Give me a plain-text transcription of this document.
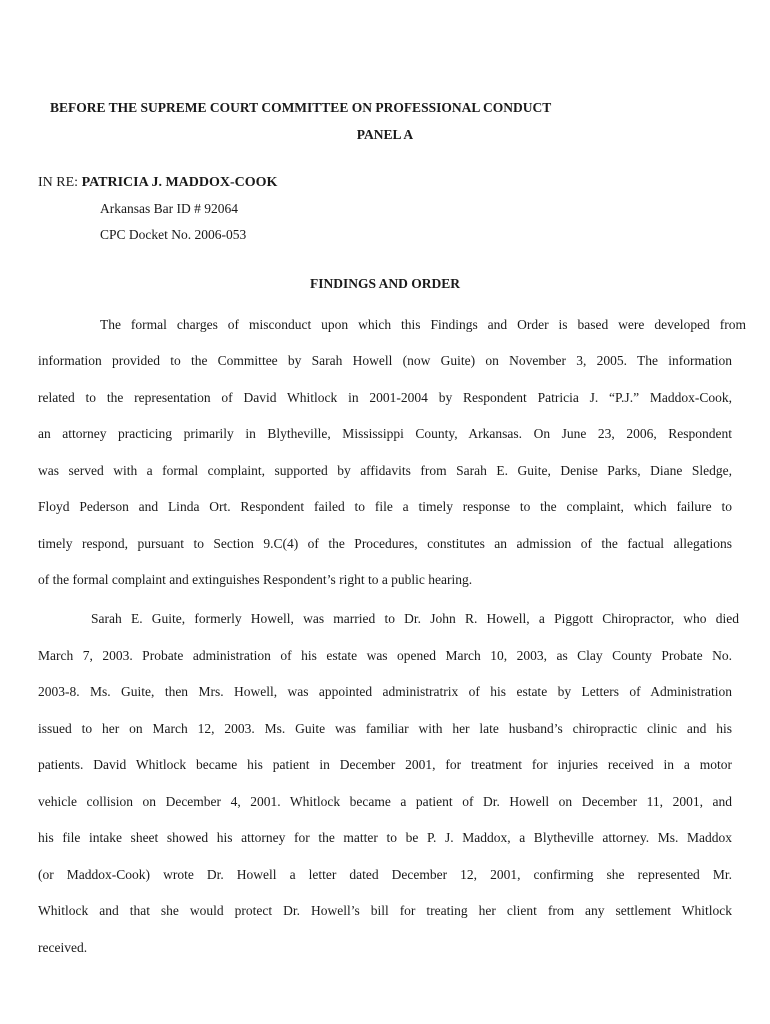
BEFORE THE SUPREME COURT COMMITTEE ON PROFESSIONAL CONDUCT
PANEL A
IN RE: PATRICIA J. MADDOX-COOK
Arkansas Bar ID # 92064
CPC Docket No. 2006-053
FINDINGS AND ORDER
The formal charges of misconduct upon which this Findings and Order is based were developed from
information provided to the Committee by Sarah Howell (now Guite) on November 3, 2005. The information
related to the representation of David Whitlock in 2001-2004 by Respondent Patricia J. “P.J.” Maddox-Cook,
an attorney practicing primarily in Blytheville, Mississippi County, Arkansas. On June 23, 2006, Respondent
was served with a formal complaint, supported by affidavits from Sarah E. Guite, Denise Parks, Diane Sledge,
Floyd Pederson and Linda Ort. Respondent failed to file a timely response to the complaint, which failure to
timely respond, pursuant to Section 9.C(4) of the Procedures, constitutes an admission of the factual allegations
of the formal complaint and extinguishes Respondent’s right to a public hearing.
Sarah E. Guite, formerly Howell, was married to Dr. John R. Howell, a Piggott Chiropractor, who died
March 7, 2003. Probate administration of his estate was opened March 10, 2003, as Clay County Probate No.
2003-8. Ms. Guite, then Mrs. Howell, was appointed administratrix of his estate by Letters of Administration
issued to her on March 12, 2003. Ms. Guite was familiar with her late husband’s chiropractic clinic and his
patients. David Whitlock became his patient in December 2001, for treatment for injuries received in a motor
vehicle collision on December 4, 2001. Whitlock became a patient of Dr. Howell on December 11, 2001, and
his file intake sheet showed his attorney for the matter to be P. J. Maddox, a Blytheville attorney. Ms. Maddox
(or Maddox-Cook) wrote Dr. Howell a letter dated December 12, 2001, confirming she represented Mr.
Whitlock and that she would protect Dr. Howell’s bill for treating her client from any settlement Whitlock
received.
